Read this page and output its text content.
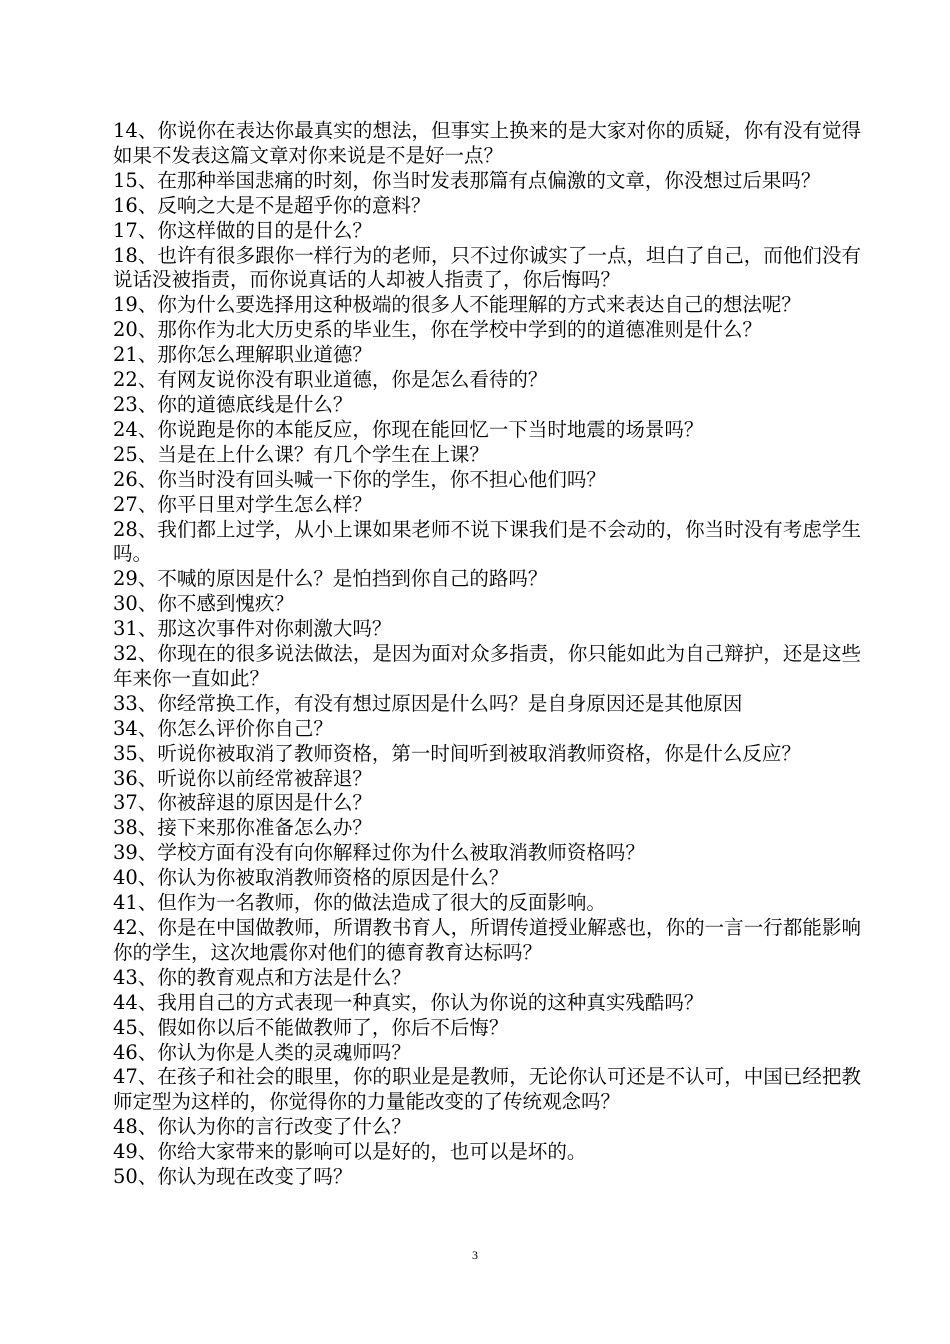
14、你说你在表达你最真实的想法，但事实上换来的是大家对你的质疑，你有没有觉得如果不发表这篇文章对你来说是不是好一点？

15、在那种举国悲痛的时刻，你当时发表那篇有点偏激的文章，你没想过后果吗？

16、反响之大是不是超乎你的意料？

17、你这样做的目的是什么？

18、也许有很多跟你一样行为的老师，只不过你诚实了一点，坦白了自己，而他们没有说话没被指责，而你说真话的人却被人指责了，你后悔吗？

19、你为什么要选择用这种极端的很多人不能理解的方式来表达自己的想法呢？

20、那你作为北大历史系的毕业生，你在学校中学到的的道德准则是什么？

21、那你怎么理解职业道德？

22、有网友说你没有职业道德，你是怎么看待的？

23、你的道德底线是什么？

24、你说跑是你的本能反应，你现在能回忆一下当时地震的场景吗？

25、当是在上什么课？有几个学生在上课？

26、你当时没有回头喊一下你的学生，你不担心他们吗？

27、你平日里对学生怎么样？

28、我们都上过学，从小上课如果老师不说下课我们是不会动的，你当时没有考虑学生吗。

29、不喊的原因是什么？是怕挡到你自己的路吗？

30、你不感到愧疚？

31、那这次事件对你刺激大吗？

32、你现在的很多说法做法，是因为面对众多指责，你只能如此为自己辩护，还是这些年来你一直如此？

33、你经常换工作，有没有想过原因是什么吗？是自身原因还是其他原因

34、你怎么评价你自己？

35、听说你被取消了教师资格，第一时间听到被取消教师资格，你是什么反应？

36、听说你以前经常被辞退？

37、你被辞退的原因是什么？

38、接下来那你准备怎么办？

39、学校方面有没有向你解释过你为什么被取消教师资格吗？

40、你认为你被取消教师资格的原因是什么？

41、但作为一名教师，你的做法造成了很大的反面影响。

42、你是在中国做教师，所谓教书育人，所谓传道授业解惑也，你的一言一行都能影响你的学生，这次地震你对他们的德育教育达标吗？

43、你的教育观点和方法是什么？

44、我用自己的方式表现一种真实，你认为你说的这种真实残酷吗？

45、假如你以后不能做教师了，你后不后悔？

46、你认为你是人类的灵魂师吗？

47、在孩子和社会的眼里，你的职业是是教师，无论你认可还是不认可，中国已经把教师定型为这样的，你觉得你的力量能改变的了传统观念吗？

48、你认为你的言行改变了什么？

49、你给大家带来的影响可以是好的，也可以是坏的。

50、你认为现在改变了吗？

3
